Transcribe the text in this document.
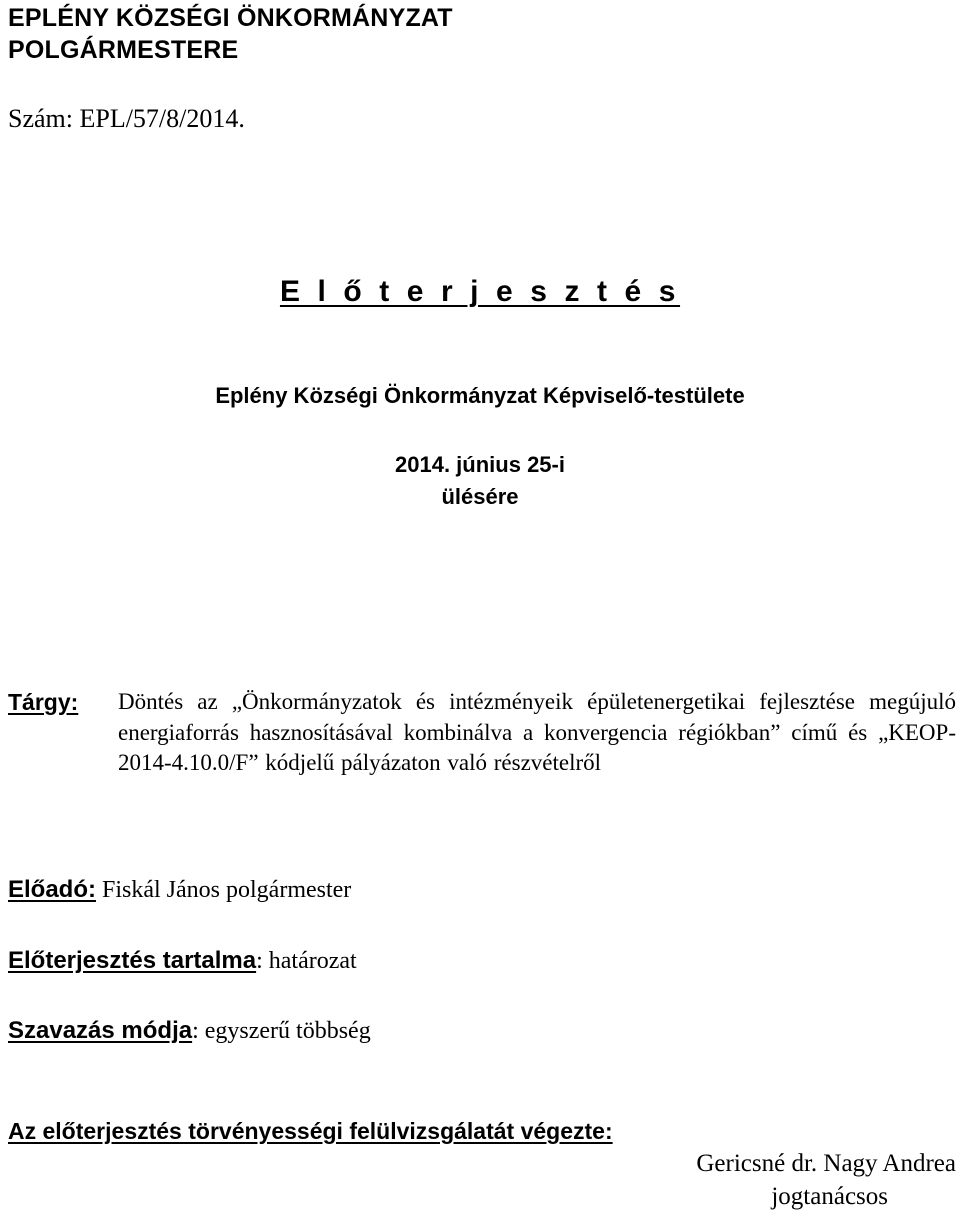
EPLÉNY KÖZSÉGI ÖNKORMÁNYZAT
POLGÁRMESTERE
Szám: EPL/57/8/2014.
E l ő t e r j e s z t é s
Eplény Községi Önkormányzat Képviselő-testülete
2014. június 25-i
ülésére
Tárgy: Döntés az „Önkormányzatok és intézményeik épületenergetikai fejlesztése megújuló energiaforrás hasznosításával kombinálva a konvergencia régiókban” című és „KEOP-2014-4.10.0/F” kódjelű pályázaton való részvételről
Előadó: Fiskál János polgármester
Előterjesztés tartalma: határozat
Szavazás módja: egyszerű többség
Az előterjesztés törvényességi felülvizsgálatát végezte:
Gericsné dr. Nagy Andrea
jogtanácsos
